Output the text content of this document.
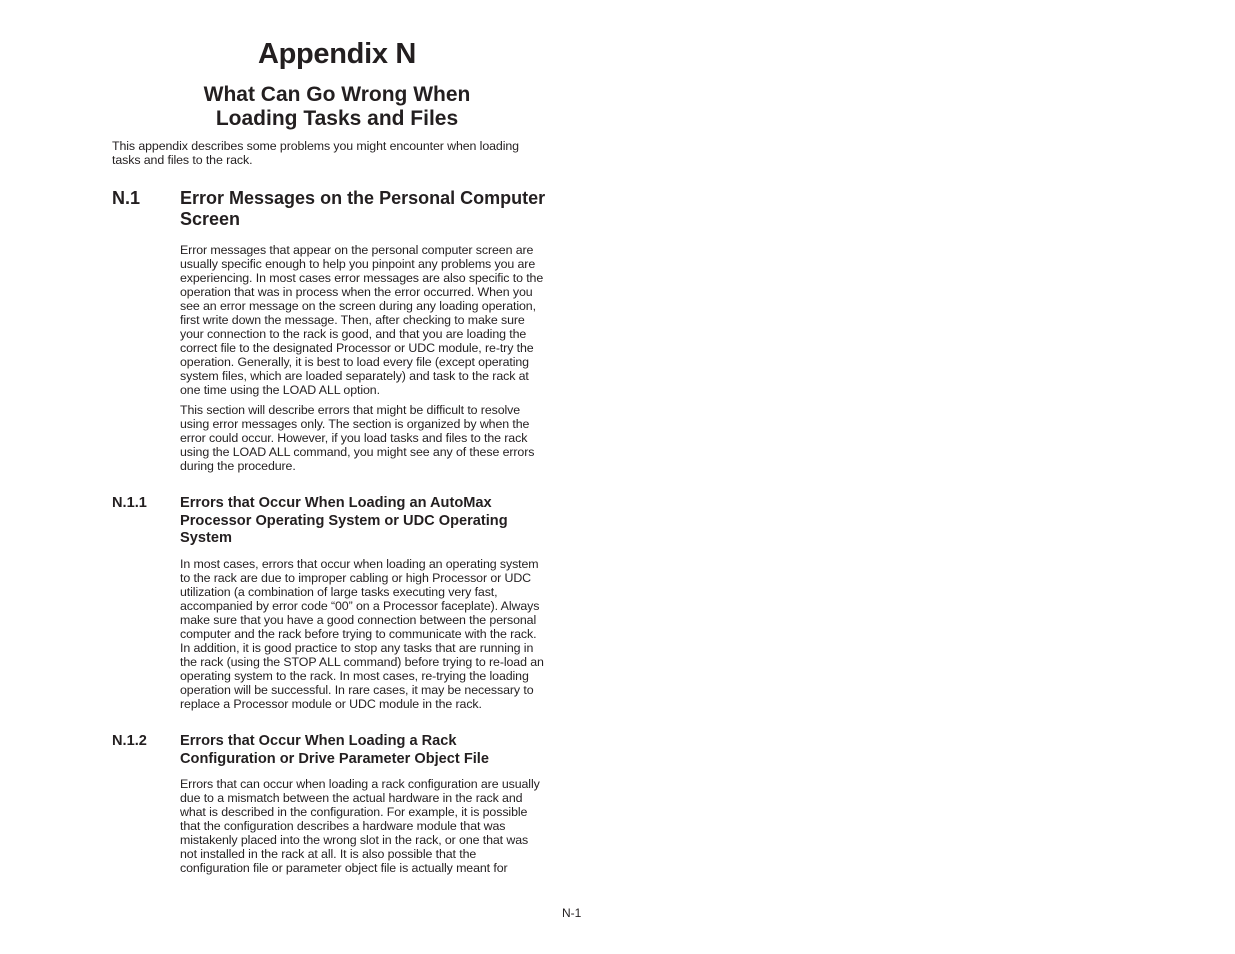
Appendix N
What Can Go Wrong When
Loading Tasks and Files

This appendix describes some problems you might encounter when loading
tasks and files to the rack.

N.1 Error Messages on the Personal Computer
Screen

Error messages that appear on the personal computer screen are
usually specific enough to help you pinpoint any problems you are
experiencing. In most cases error messages are also specific to the
operation that was in process when the error occurred. When you
see an error message on the screen during any loading operation,
first write down the message. Then, after checking to make sure
your connection to the rack is good, and that you are loading the
correct file to the designated Processor or UDC module, re-try the
operation. Generally, it is best to load every file (except operating
system files, which are loaded separately) and task to the rack at
one time using the LOAD ALL option.

This section will describe errors that might be difficult to resolve
using error messages only. The section is organized by when the
error could occur. However, if you load tasks and files to the rack
using the LOAD ALL command, you might see any of these errors
during the procedure.

N.1.1 Errors that Occur When Loading an AutoMax
Processor Operating System or UDC Operating
System

In most cases, errors that occur when loading an operating system
to the rack are due to improper cabling or high Processor or UDC
utilization (a combination of large tasks executing very fast,
accompanied by error code “00” on a Processor faceplate). Always
make sure that you have a good connection between the personal
computer and the rack before trying to communicate with the rack.
In addition, it is good practice to stop any tasks that are running in
the rack (using the STOP ALL command) before trying to re-load an
operating system to the rack. In most cases, re-trying the loading
operation will be successful. In rare cases, it may be necessary to
replace a Processor module or UDC module in the rack.

N.1.2 Errors that Occur When Loading a Rack
Configuration or Drive Parameter Object File

Errors that can occur when loading a rack configuration are usually
due to a mismatch between the actual hardware in the rack and
what is described in the configuration. For example, it is possible
that the configuration describes a hardware module that was
mistakenly placed into the wrong slot in the rack, or one that was
not installed in the rack at all. It is also possible that the
configuration file or parameter object file is actually meant for

N-1
